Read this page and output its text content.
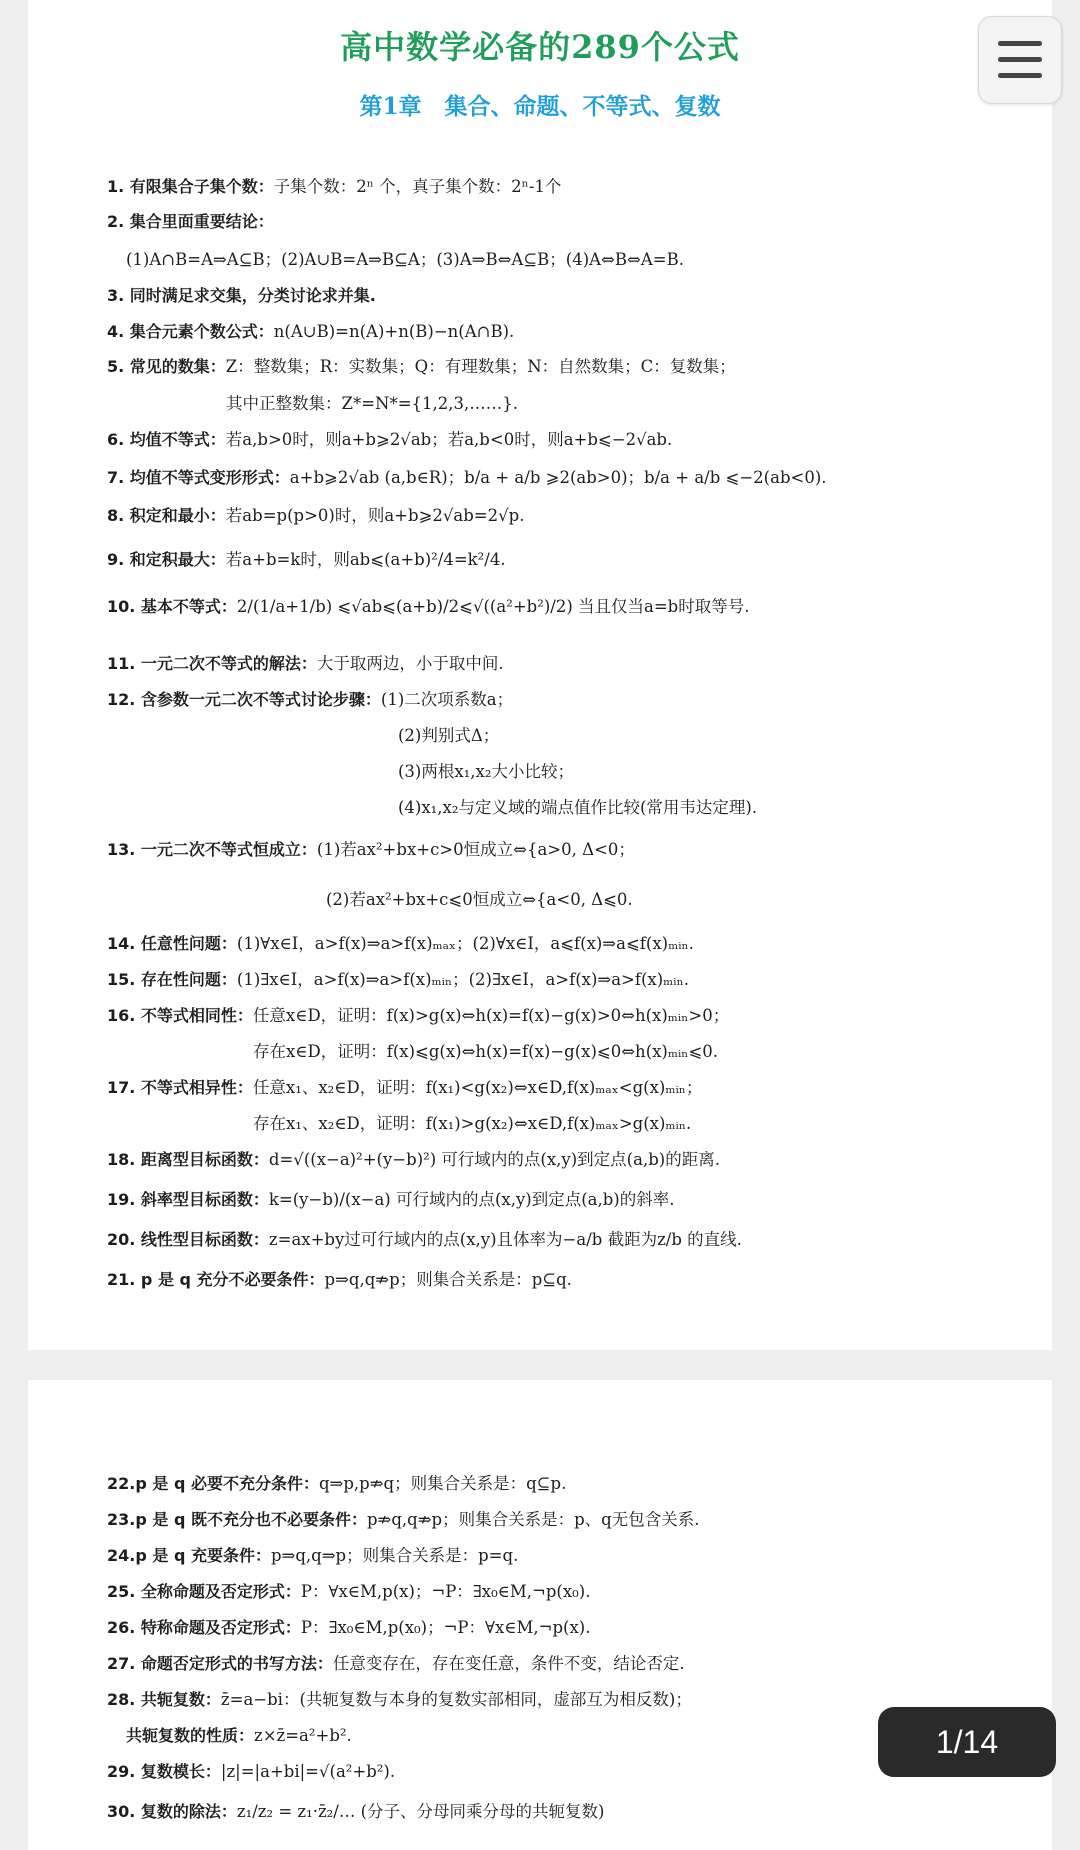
高中数学必备的289个公式
第1章　集合、命题、不等式、复数
1. 有限集合子集个数：子集个数：2ⁿ 个，真子集个数：2ⁿ-1个
2. 集合里面重要结论：
(1)A∩B=A⇒A⊆B；(2)A∪B=A⇒B⊆A；(3)A⇒B⇔A⊆B；(4)A⇔B⇔A=B.
3. 同时满足求交集，分类讨论求并集.
4. 集合元素个数公式：n(A∪B)=n(A)+n(B)−n(A∩B).
5. 常见的数集：Z：整数集；R：实数集；Q：有理数集；N：自然数集；C：复数集；
其中正整数集：Z*=N*={1,2,3,……}.
6. 均值不等式：若a,b>0时，则a+b⩾2√ab；若a,b<0时，则a+b⩽−2√ab.
7. 均值不等式变形形式：a+b⩾2√ab (a,b∈R)；b/a + a/b ⩾2(ab>0)；b/a + a/b ⩽−2(ab<0).
8. 积定和最小：若ab=p(p>0)时，则a+b⩾2√ab=2√p.
9. 和定积最大：若a+b=k时，则ab⩽(a+b)²/4=k²/4.
10. 基本不等式：2/(1/a+1/b) ⩽√ab⩽(a+b)/2⩽√((a²+b²)/2) 当且仅当a=b时取等号.
11. 一元二次不等式的解法：大于取两边，小于取中间.
12. 含参数一元二次不等式讨论步骤：(1)二次项系数a；
(2)判别式Δ；
(3)两根x₁,x₂大小比较；
(4)x₁,x₂与定义域的端点值作比较(常用韦达定理).
13. 一元二次不等式恒成立：(1)若ax²+bx+c>0恒成立⇔{a>0, Δ<0；
(2)若ax²+bx+c⩽0恒成立⇔{a<0, Δ⩽0.
14. 任意性问题：(1)∀x∈I，a>f(x)⇒a>f(x)ₘₐₓ；(2)∀x∈I，a⩽f(x)⇒a⩽f(x)ₘᵢₙ.
15. 存在性问题：(1)∃x∈I，a>f(x)⇒a>f(x)ₘᵢₙ；(2)∃x∈I，a>f(x)⇒a>f(x)ₘᵢₙ.
16. 不等式相同性：任意x∈D，证明：f(x)>g(x)⇔h(x)=f(x)−g(x)>0⇔h(x)ₘᵢₙ>0；
存在x∈D，证明：f(x)⩽g(x)⇔h(x)=f(x)−g(x)⩽0⇔h(x)ₘᵢₙ⩽0.
17. 不等式相异性：任意x₁、x₂∈D，证明：f(x₁)<g(x₂)⇔x∈D,f(x)ₘₐₓ<g(x)ₘᵢₙ；
存在x₁、x₂∈D，证明：f(x₁)>g(x₂)⇔x∈D,f(x)ₘₐₓ>g(x)ₘᵢₙ.
18. 距离型目标函数：d=√((x−a)²+(y−b)²) 可行域内的点(x,y)到定点(a,b)的距离.
19. 斜率型目标函数：k=(y−b)/(x−a) 可行域内的点(x,y)到定点(a,b)的斜率.
20. 线性型目标函数：z=ax+by过可行域内的点(x,y)且体率为−a/b 截距为z/b 的直线.
21. p 是 q 充分不必要条件：p⇒q,q⇏p；则集合关系是：p⊆q.
22.p 是 q 必要不充分条件：q⇒p,p⇏q；则集合关系是：q⊆p.
23.p 是 q 既不充分也不必要条件：p⇏q,q⇏p；则集合关系是：p、q无包含关系.
24.p 是 q 充要条件：p⇒q,q⇒p；则集合关系是：p=q.
25. 全称命题及否定形式：P：∀x∈M,p(x)；¬P：∃x₀∈M,¬p(x₀).
26. 特称命题及否定形式：P：∃x₀∈M,p(x₀)；¬P：∀x∈M,¬p(x).
27. 命题否定形式的书写方法：任意变存在，存在变任意，条件不变，结论否定.
28. 共轭复数：z̄=a−bi：(共轭复数与本身的复数实部相同，虚部互为相反数)；
共轭复数的性质：z×z̄=a²+b².
29. 复数模长：|z|=|a+bi|=√(a²+b²).
30. 复数的除法：z₁/z₂ = z₁·z̄₂/… (分子、分母同乘分母的共轭复数)
1/14
